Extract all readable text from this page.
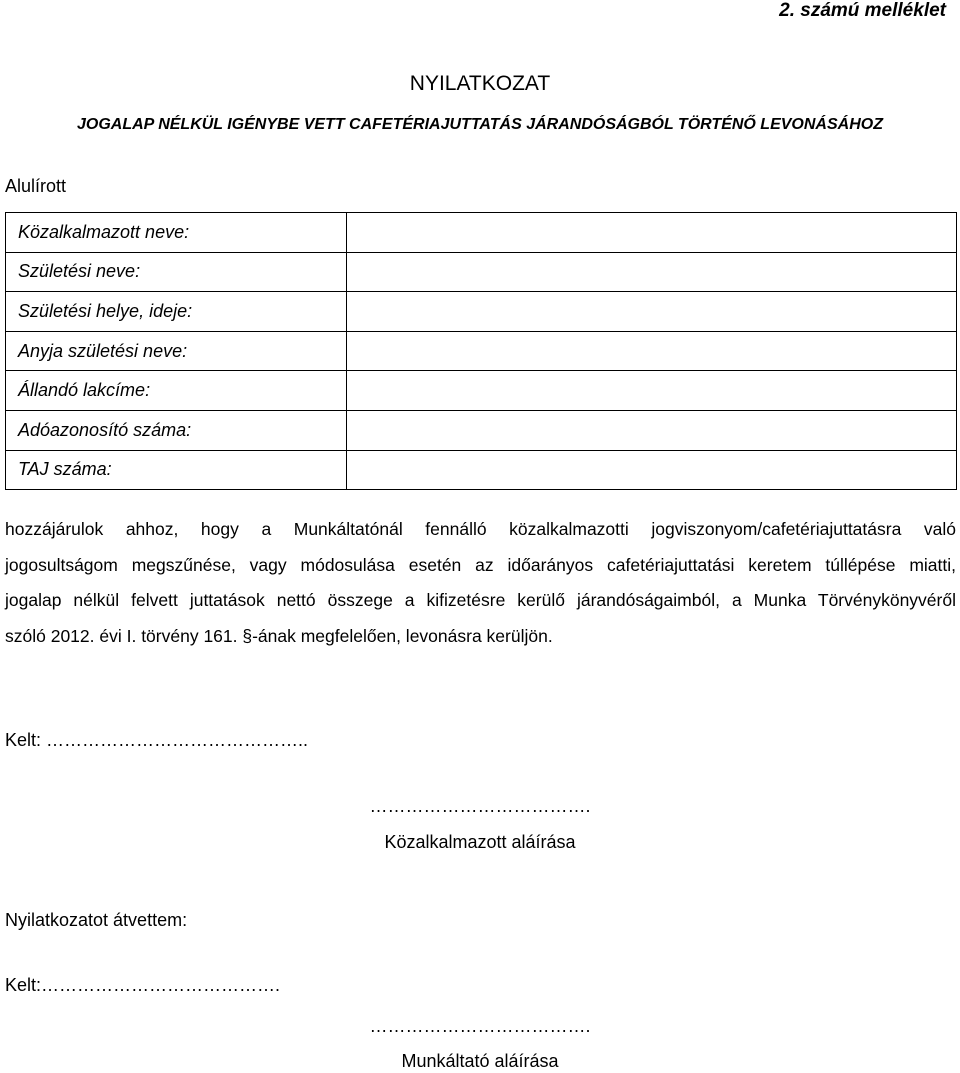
2. számú melléklet
NYILATKOZAT
JOGALAP NÉLKÜL IGÉNYBE VETT CAFETÉRIAJUTTATÁS JÁRANDÓSÁGBÓL TÖRTÉNŐ LEVONÁSÁHOZ
Alulírott
Közalkalmazott neve:	
Születési neve:	
Születési helye, ideje:	
Anyja születési neve:	
Állandó lakcíme:	
Adóazonosító száma:	
TAJ száma:	
hozzájárulok ahhoz, hogy a Munkáltatónál fennálló közalkalmazotti jogviszonyom/cafetériajuttatásra való
jogosultságom megszűnése, vagy módosulása esetén az időarányos cafetériajuttatási keretem túllépése miatti,
jogalap nélkül felvett juttatások nettó összege a kifizetésre kerülő járandóságaimból, a Munka Törvénykönyvéről
szóló 2012. évi I. törvény 161. §-ának megfelelően, levonásra kerüljön.
Kelt: ……………………………………..
……………………………….
Közalkalmazott aláírása
Nyilatkozatot átvettem:
Kelt:………………………………….
……………………………….
Munkáltató aláírása
